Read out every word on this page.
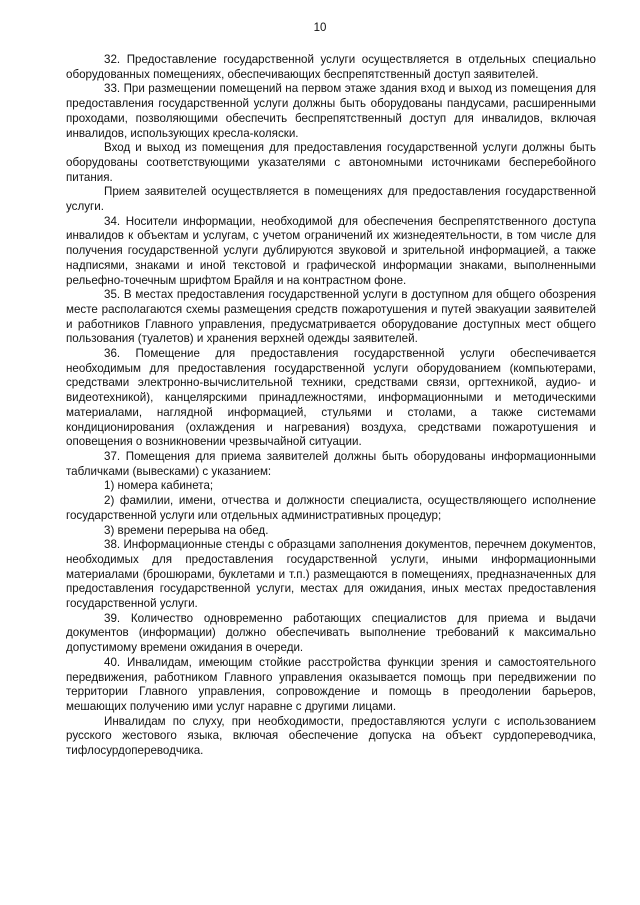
10

32. Предоставление государственной услуги осуществляется в отдельных специально оборудованных помещениях, обеспечивающих беспрепятственный доступ заявителей.

33. При размещении помещений на первом этаже здания вход и выход из помещения для предоставления государственной услуги должны быть оборудованы пандусами, расширенными проходами, позволяющими обеспечить беспрепятственный доступ для инвалидов, включая инвалидов, использующих кресла-коляски.

Вход и выход из помещения для предоставления государственной услуги должны быть оборудованы соответствующими указателями с автономными источниками бесперебойного питания.

Прием заявителей осуществляется в помещениях для предоставления государственной услуги.

34. Носители информации, необходимой для обеспечения беспрепятственного доступа инвалидов к объектам и услугам, с учетом ограничений их жизнедеятельности, в том числе для получения государственной услуги дублируются звуковой и зрительной информацией, а также надписями, знаками и иной текстовой и графической информации знаками, выполненными рельефно-точечным шрифтом Брайля и на контрастном фоне.

35. В местах предоставления государственной услуги в доступном для общего обозрения месте располагаются схемы размещения средств пожаротушения и путей эвакуации заявителей и работников Главного управления, предусматривается оборудование доступных мест общего пользования (туалетов) и хранения верхней одежды заявителей.

36. Помещение для предоставления государственной услуги обеспечивается необходимым для предоставления государственной услуги оборудованием (компьютерами, средствами электронно-вычислительной техники, средствами связи, оргтехникой, аудио- и видеотехникой), канцелярскими принадлежностями, информационными и методическими материалами, наглядной информацией, стульями и столами, а также системами кондиционирования (охлаждения и нагревания) воздуха, средствами пожаротушения и оповещения о возникновении чрезвычайной ситуации.

37. Помещения для приема заявителей должны быть оборудованы информационными табличками (вывесками) с указанием:

1) номера кабинета;

2) фамилии, имени, отчества и должности специалиста, осуществляющего исполнение государственной услуги или отдельных административных процедур;

3) времени перерыва на обед.

38. Информационные стенды с образцами заполнения документов, перечнем документов, необходимых для предоставления государственной услуги, иными информационными материалами (брошюрами, буклетами и т.п.) размещаются в помещениях, предназначенных для предоставления государственной услуги, местах для ожидания, иных местах предоставления государственной услуги.

39. Количество одновременно работающих специалистов для приема и выдачи документов (информации) должно обеспечивать выполнение требований к максимально допустимому времени ожидания в очереди.

40. Инвалидам, имеющим стойкие расстройства функции зрения и самостоятельного передвижения, работником Главного управления оказывается помощь при передвижении по территории Главного управления, сопровождение и помощь в преодолении барьеров, мешающих получению ими услуг наравне с другими лицами.

Инвалидам по слуху, при необходимости, предоставляются услуги с использованием русского жестового языка, включая обеспечение допуска на объект сурдопереводчика, тифлосурдопереводчика.
